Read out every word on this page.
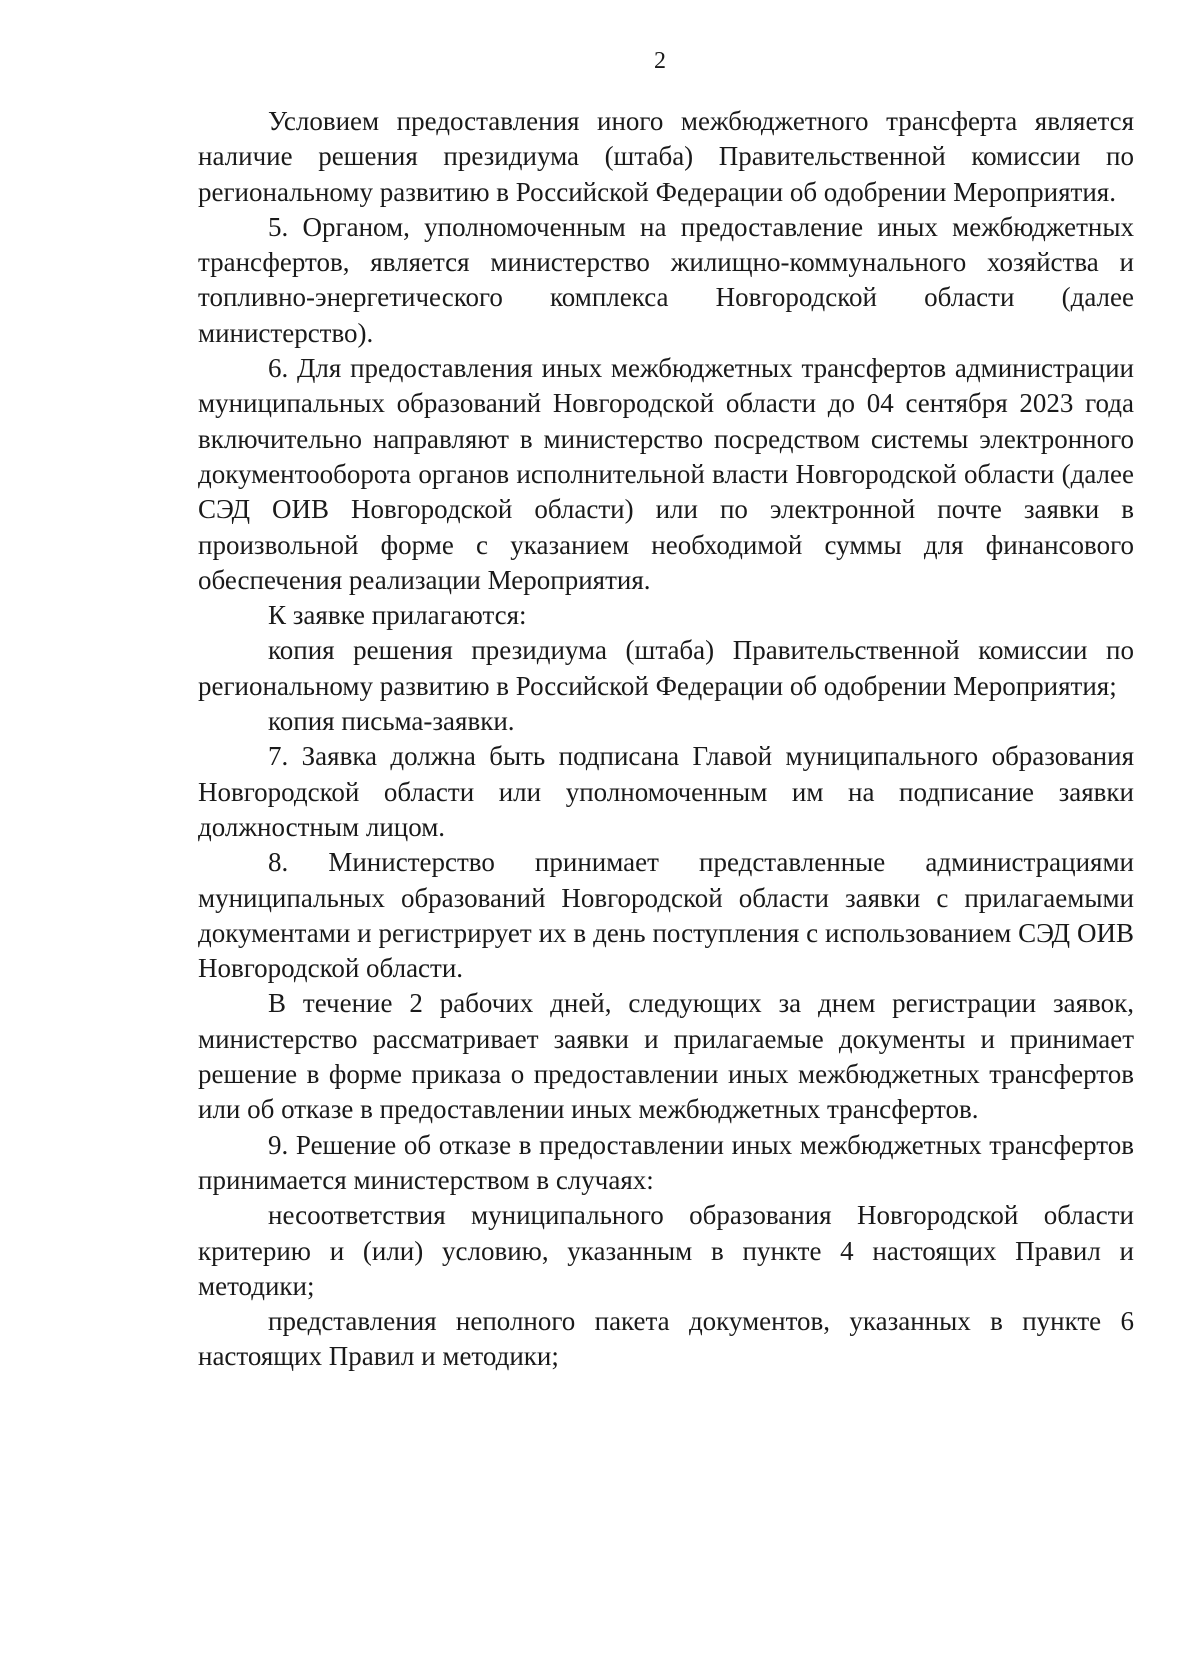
2

Условием предоставления иного межбюджетного трансферта является наличие решения президиума (штаба) Правительственной комиссии по региональному развитию в Российской Федерации об одобрении Мероприятия.

5. Органом, уполномоченным на предоставление иных межбюджетных трансфертов, является министерство жилищно-коммунального хозяйства и топливно-энергетического комплекса Новгородской области (далее министерство).

6. Для предоставления иных межбюджетных трансфертов администрации муниципальных образований Новгородской области до 04 сентября 2023 года включительно направляют в министерство посредством системы электронного документооборота органов исполнительной власти Новгородской области (далее СЭД ОИВ Новгородской области) или по электронной почте заявки в произвольной форме с указанием необходимой суммы для финансового обеспечения реализации Мероприятия.

К заявке прилагаются:

копия решения президиума (штаба) Правительственной комиссии по региональному развитию в Российской Федерации об одобрении Мероприятия;

копия письма-заявки.

7. Заявка должна быть подписана Главой муниципального образования Новгородской области или уполномоченным им на подписание заявки должностным лицом.

8. Министерство принимает представленные администрациями муниципальных образований Новгородской области заявки с прилагаемыми документами и регистрирует их в день поступления с использованием СЭД ОИВ Новгородской области.

В течение 2 рабочих дней, следующих за днем регистрации заявок, министерство рассматривает заявки и прилагаемые документы и принимает решение в форме приказа о предоставлении иных межбюджетных трансфертов или об отказе в предоставлении иных межбюджетных трансфертов.

9. Решение об отказе в предоставлении иных межбюджетных трансфертов принимается министерством в случаях:

несоответствия муниципального образования Новгородской области критерию и (или) условию, указанным в пункте 4 настоящих Правил и методики;

представления неполного пакета документов, указанных в пункте 6 настоящих Правил и методики;
